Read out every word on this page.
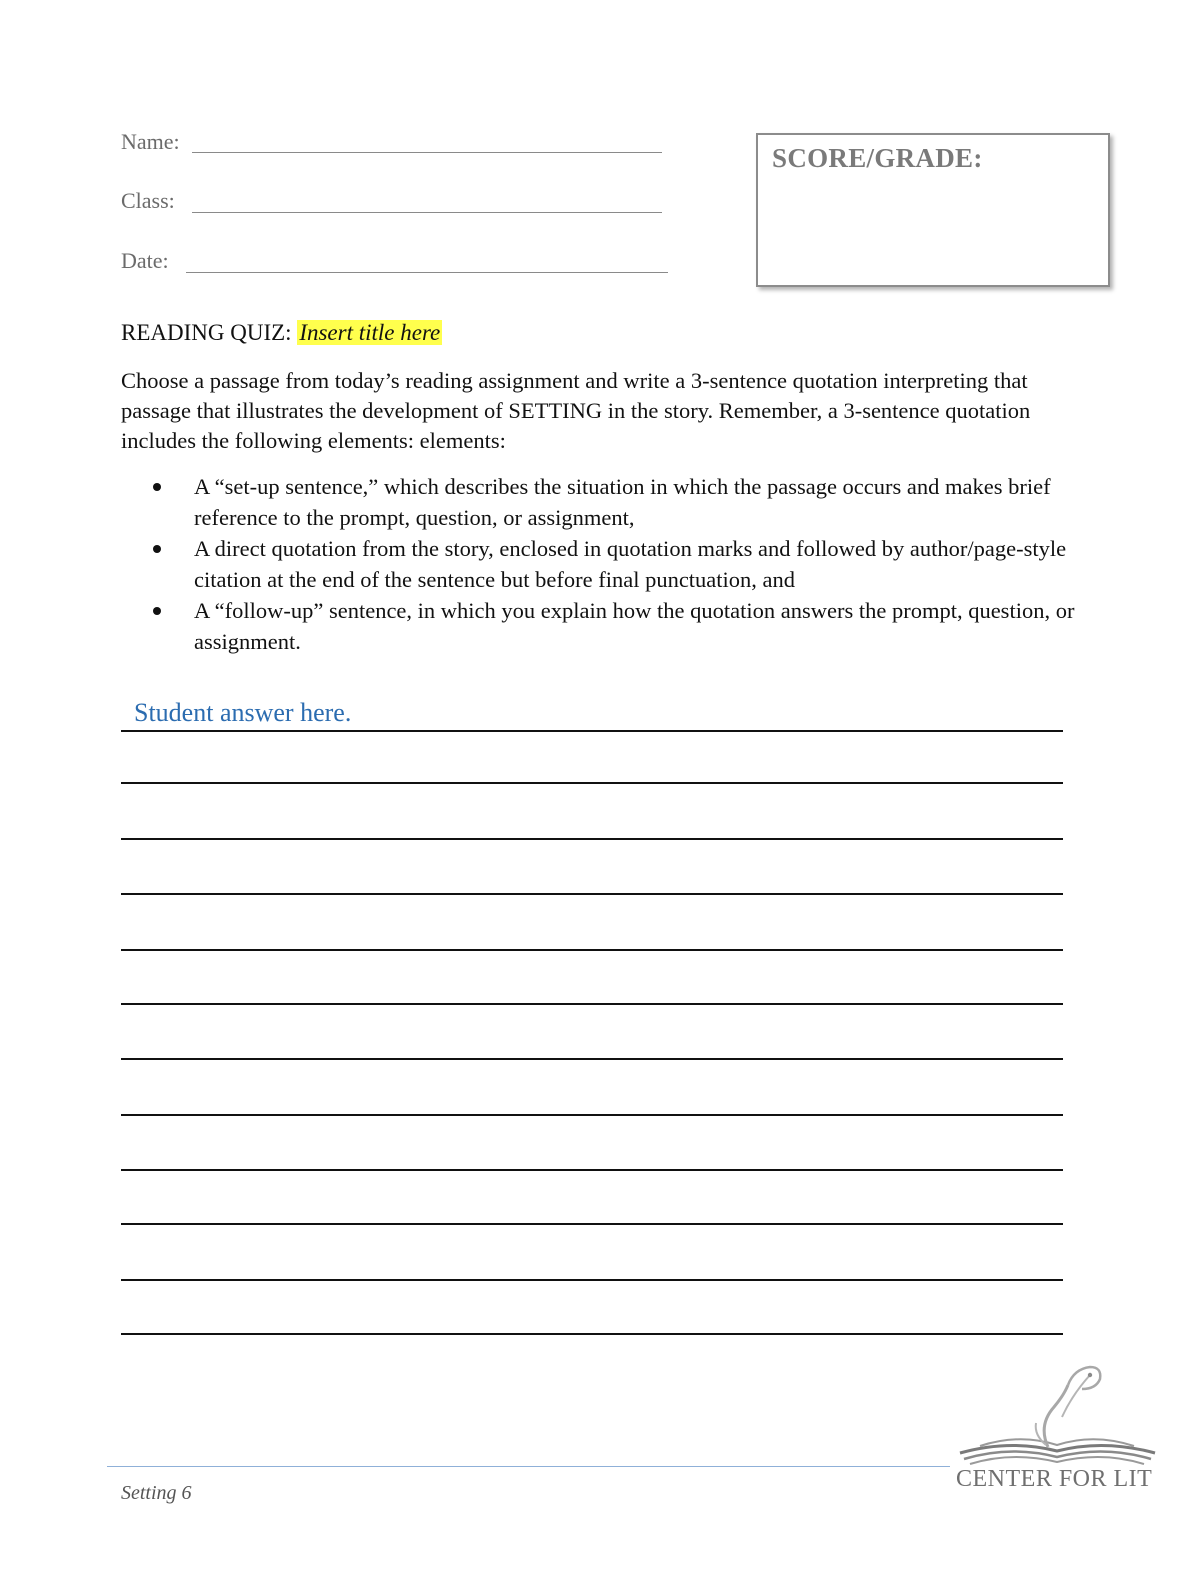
Name:
Class:
Date:
SCORE/GRADE:
READING QUIZ: Insert title here
Choose a passage from today’s reading assignment and write a 3-sentence quotation interpreting that passage that illustrates the development of SETTING in the story. Remember, a 3-sentence quotation includes the following elements: elements:
A “set-up sentence,” which describes the situation in which the passage occurs and makes brief reference to the prompt, question, or assignment,
A direct quotation from the story, enclosed in quotation marks and followed by author/page-style citation at the end of the sentence but before final punctuation, and
A “follow-up” sentence, in which you explain how the quotation answers the prompt, question, or assignment.
Student answer here.
Setting 6
CENTER FOR LIT
